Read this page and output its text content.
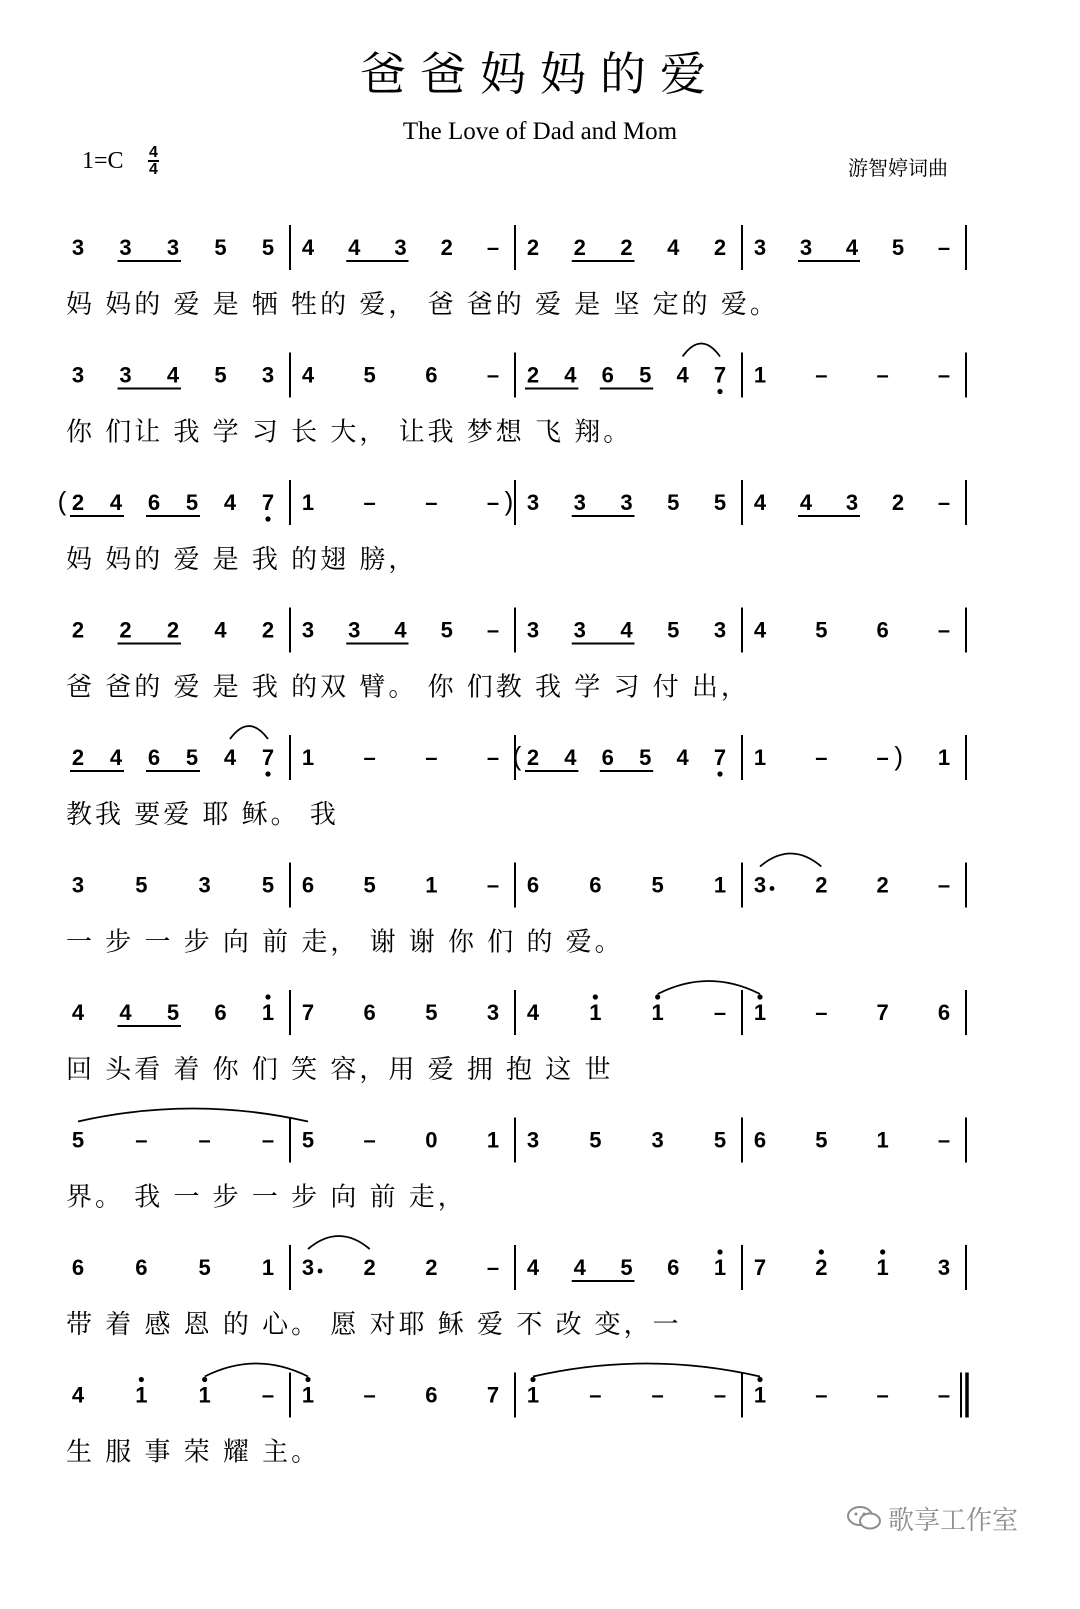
爸爸妈妈的爱
The Love of Dad and Mom
1=C 4
4	游智婷词曲
3 3 3 5 5 4 4 3 2 – 2 2 2 4 2 3 3 4 5 –
妈 妈的 爱 是 牺 牲的 爱， 爸 爸的 爱 是 坚 定的 爱。
3 3 4 5 3 4 5 6 – 2 4 6 5 4 7 1 – – –
你 们让 我 学 习 长 大， 让我 梦想 飞 翔。
( 2 4 6 5 4 7 1 – – – ) 3 3 3 5 5 4 4 3 2 –
妈 妈的 爱 是 我 的翅 膀，
2 2 2 4 2 3 3 4 5 – 3 3 4 5 3 4 5 6 –
爸 爸的 爱 是 我 的双 臂。 你 们教 我 学 习 付 出，
2 4 6 5 4 7 1 – – – ( 2 4 6 5 4 7 1 – – ) 1
教我 要爱 耶 稣。 我
3 5 3 5 6 5 1 – 6 6 5 1 3 2 2 –
一 步 一 步 向 前 走， 谢 谢 你 们 的 爱。
4 4 5 6 1 7 6 5 3 4 1 1 – 1 – 7 6
回 头看 着 你 们 笑 容，用 爱 拥 抱 这 世
5 – – – 5 – 0 1 3 5 3 5 6 5 1 –
界。 我 一 步 一 步 向 前 走，
6 6 5 1 3 2 2 – 4 4 5 6 1 7 2 1 3
带 着 感 恩 的 心。 愿 对耶 稣 爱 不 改 变，一
4 1 1 – 1 – 6 7 1 – – – 1 – – –
生 服 事 荣 耀 主。
歌享工作室
